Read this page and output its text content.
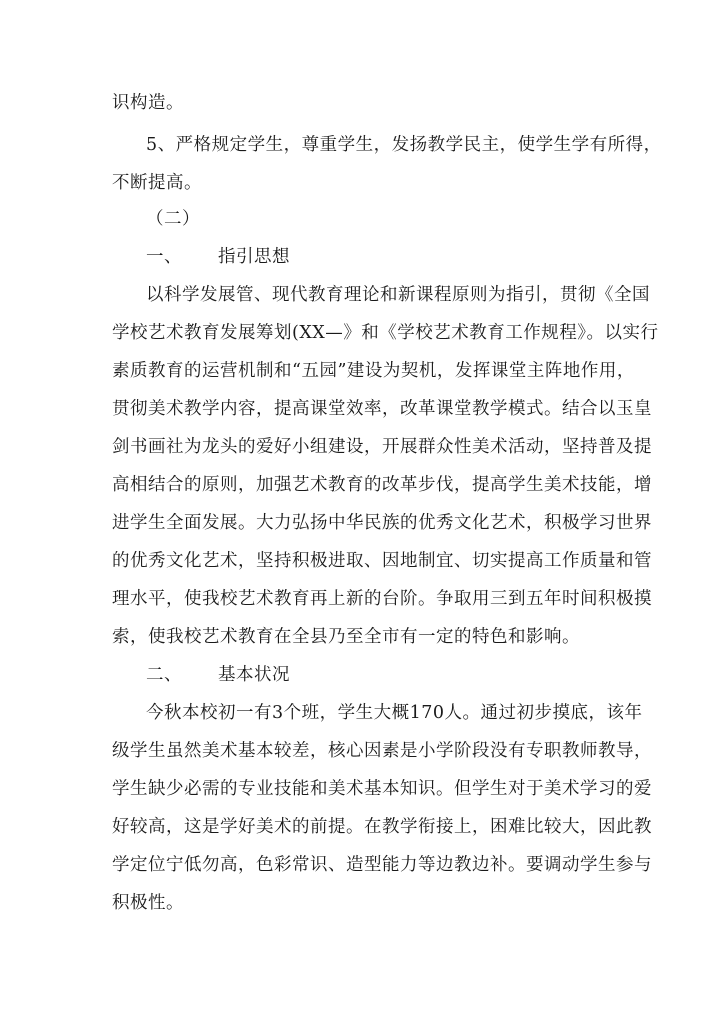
识构造。
5、严格规定学生，尊重学生，发扬教学民主，使学生学有所得，
不断提高。
（二）
一、 指引思想
以科学发展管、现代教育理论和新课程原则为指引，贯彻《全国
学校艺术教育发展筹划(XX—》和《学校艺术教育工作规程》。以实行
素质教育的运营机制和“五园”建设为契机，发挥课堂主阵地作用，
贯彻美术教学内容，提高课堂效率，改革课堂教学模式。结合以玉皇
剑书画社为龙头的爱好小组建设，开展群众性美术活动，坚持普及提
高相结合的原则，加强艺术教育的改革步伐，提高学生美术技能，增
进学生全面发展。大力弘扬中华民族的优秀文化艺术，积极学习世界
的优秀文化艺术，坚持积极进取、因地制宜、切实提高工作质量和管
理水平，使我校艺术教育再上新的台阶。争取用三到五年时间积极摸
索，使我校艺术教育在全县乃至全市有一定的特色和影响。
二、 基本状况
今秋本校初一有3个班，学生大概170人。通过初步摸底，该年
级学生虽然美术基本较差，核心因素是小学阶段没有专职教师教导，
学生缺少必需的专业技能和美术基本知识。但学生对于美术学习的爱
好较高，这是学好美术的前提。在教学衔接上，困难比较大，因此教
学定位宁低勿高，色彩常识、造型能力等边教边补。要调动学生参与
积极性。
